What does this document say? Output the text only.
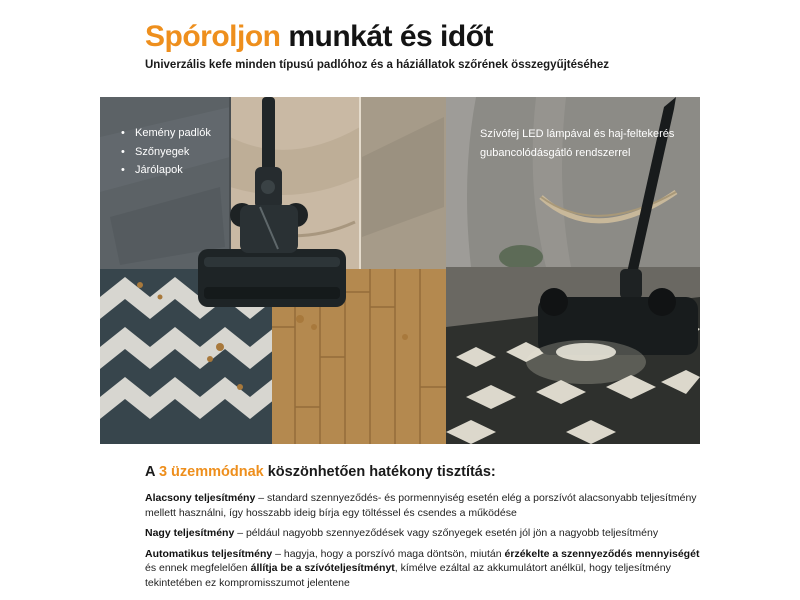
Spóroljon munkát és időt
Univerzális kefe minden típusú padlóhoz és a háziállatok szőrének összegyűjtéséhez
• Kemény padlók
• Szőnyegek
• Járólapok
Szívófej LED lámpával és haj-feltekerés gubancolódásgátló rendszerrel
A 3 üzemmódnak köszönhetően hatékony tisztítás:

Alacsony teljesítmény – standard szennyeződés- és pormennyiség esetén elég a porszívót alacsonyabb teljesítmény mellett használni, így hosszabb ideig bírja egy töltéssel és csendes a működése

Nagy teljesítmény – például nagyobb szennyeződések vagy szőnyegek esetén jól jön a nagyobb teljesítmény

Automatikus teljesítmény – hagyja, hogy a porszívó maga döntsön, miután érzékelte a szennyeződés mennyiségét és ennek megfelelően állítja be a szívóteljesítményt, kímélve ezáltal az akkumulátort anélkül, hogy teljesítmény tekintetében ez kompromisszumot jelentene
